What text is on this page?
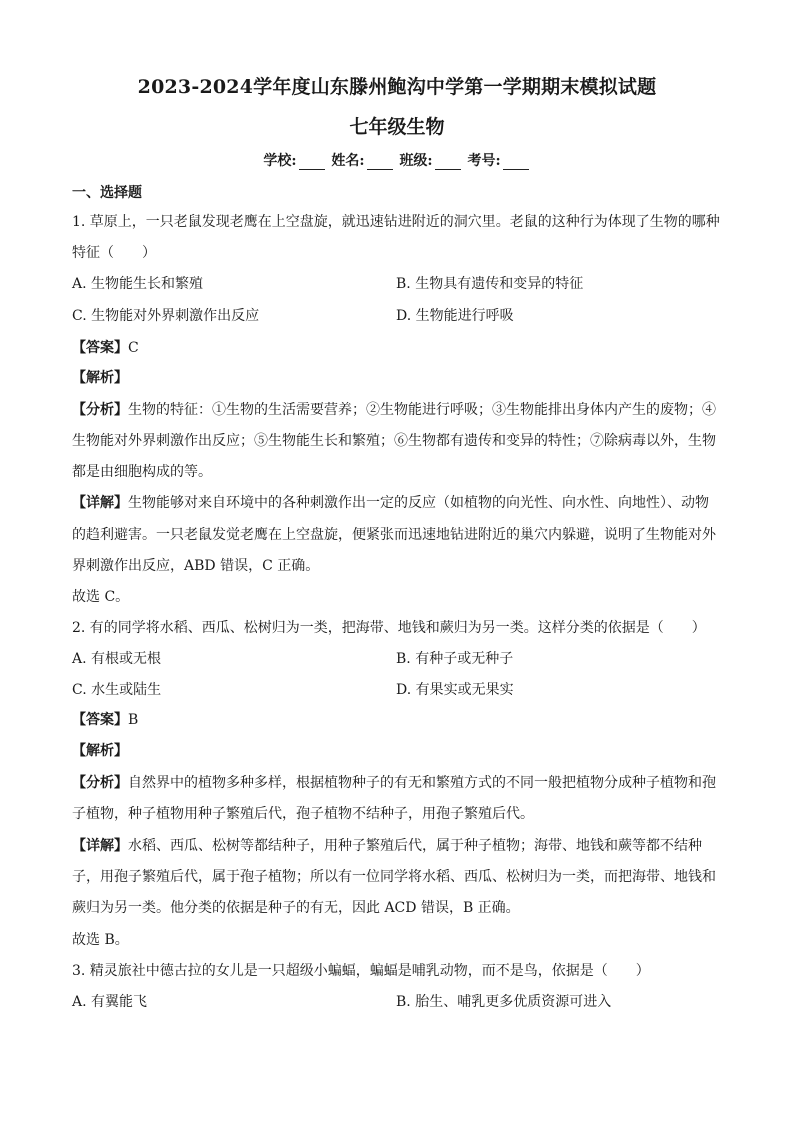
2023-2024学年度山东滕州鲍沟中学第一学期期末模拟试题
七年级生物
学校: 姓名: 班级: 考号:
一、选择题
1. 草原上，一只老鼠发现老鹰在上空盘旋，就迅速钻进附近的洞穴里。老鼠的这种行为体现了生物的哪种
特征（　　）
A. 生物能生长和繁殖	B. 生物具有遗传和变异的特征
C. 生物能对外界刺激作出反应	D. 生物能进行呼吸
【答案】C
【解析】
【分析】生物的特征：①生物的生活需要营养；②生物能进行呼吸；③生物能排出身体内产生的废物；④
生物能对外界刺激作出反应；⑤生物能生长和繁殖；⑥生物都有遗传和变异的特性；⑦除病毒以外，生物
都是由细胞构成的等。
【详解】生物能够对来自环境中的各种刺激作出一定的反应（如植物的向光性、向水性、向地性）、动物
的趋利避害。一只老鼠发觉老鹰在上空盘旋，便紧张而迅速地钻进附近的巢穴内躲避，说明了生物能对外
界刺激作出反应，ABD 错误，C 正确。
故选 C。
2. 有的同学将水稻、西瓜、松树归为一类，把海带、地钱和蕨归为另一类。这样分类的依据是（　　）
A. 有根或无根	B. 有种子或无种子
C. 水生或陆生	D. 有果实或无果实
【答案】B
【解析】
【分析】自然界中的植物多种多样，根据植物种子的有无和繁殖方式的不同一般把植物分成种子植物和孢
子植物，种子植物用种子繁殖后代，孢子植物不结种子，用孢子繁殖后代。
【详解】水稻、西瓜、松树等都结种子，用种子繁殖后代，属于种子植物；海带、地钱和蕨等都不结种
子，用孢子繁殖后代，属于孢子植物；所以有一位同学将水稻、西瓜、松树归为一类，而把海带、地钱和
蕨归为另一类。他分类的依据是种子的有无，因此 ACD 错误，B 正确。
故选 B。
3. 精灵旅社中德古拉的女儿是一只超级小蝙蝠，蝙蝠是哺乳动物，而不是鸟，依据是（　　）
A. 有翼能飞	B. 胎生、哺乳更多优质资源可进入
